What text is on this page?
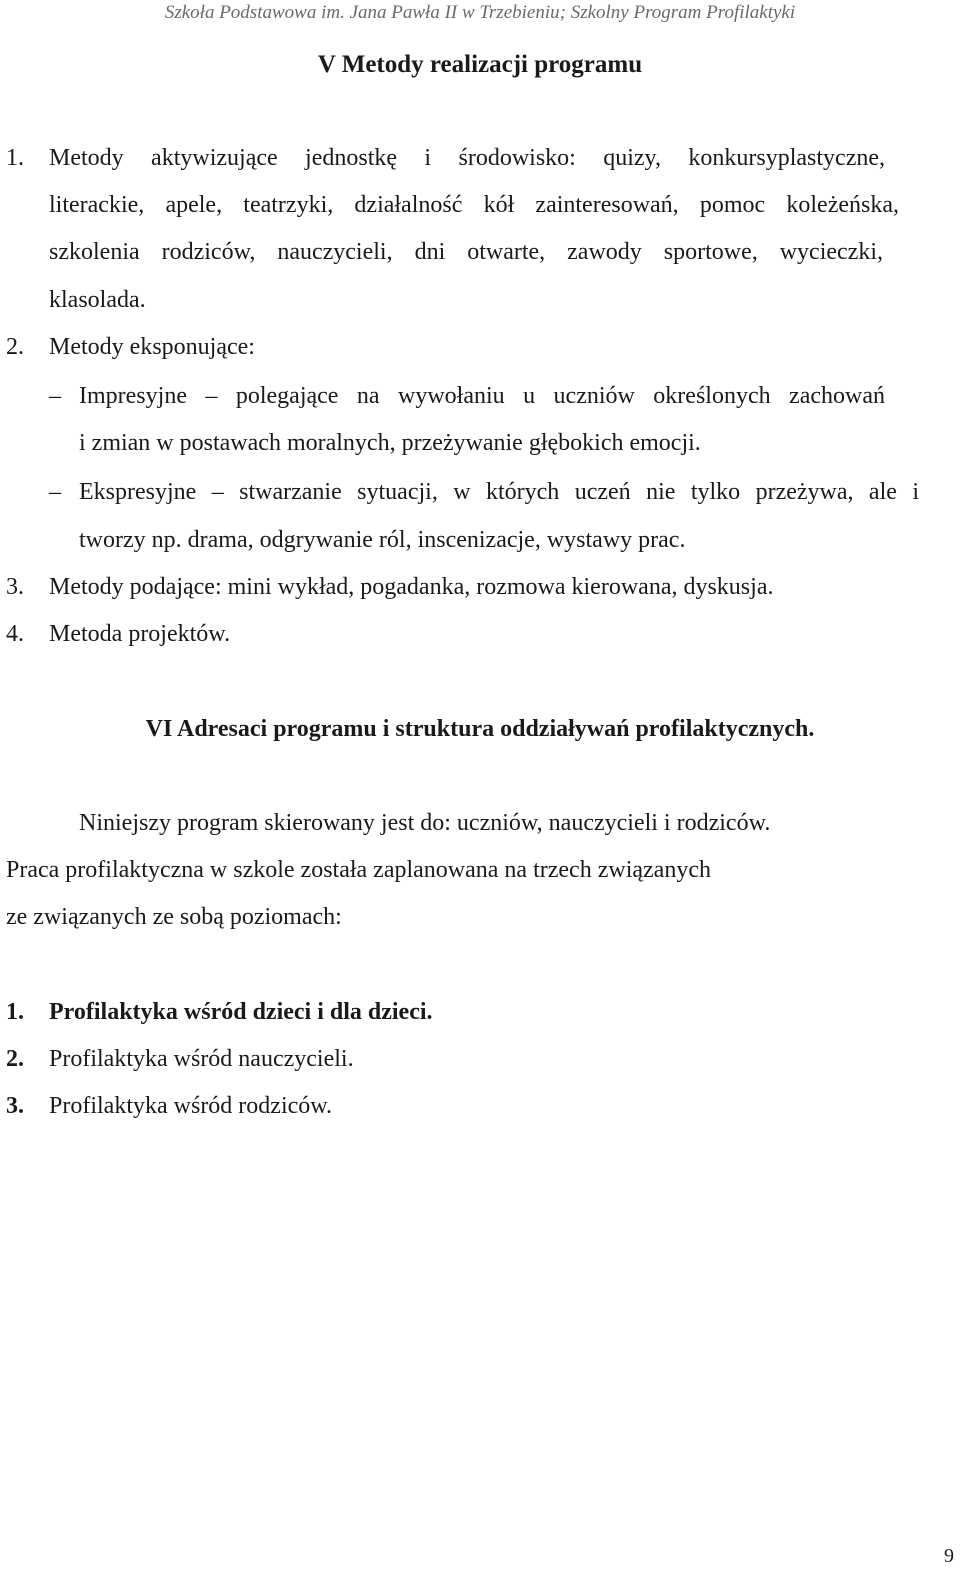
Szkoła Podstawowa im. Jana Pawła II w Trzebieniu; Szkolny Program Profilaktyki
V Metody realizacji programu
1. Metody aktywizujące jednostkę i środowisko: quizy, konkursyplastyczne,
literackie, apele, teatrzyki, działalność kół zainteresowań, pomoc koleżeńska,
szkolenia rodziców, nauczycieli, dni otwarte, zawody sportowe, wycieczki,
klasolada.
2. Metody eksponujące:
– Impresyjne – polegające na wywołaniu u uczniów określonych zachowań
i zmian w postawach moralnych, przeżywanie głębokich emocji.
– Ekspresyjne – stwarzanie sytuacji, w których uczeń nie tylko przeżywa, ale i
tworzy np. drama, odgrywanie ról, inscenizacje, wystawy prac.
3. Metody podające: mini wykład, pogadanka, rozmowa kierowana, dyskusja.
4. Metoda projektów.
VI Adresaci programu i struktura oddziaływań profilaktycznych.
Niniejszy program skierowany jest do: uczniów, nauczycieli i rodziców.
Praca profilaktyczna w szkole została zaplanowana na trzech związanych
ze związanych ze sobą poziomach:
1. Profilaktyka wśród dzieci i dla dzieci.
2. Profilaktyka wśród nauczycieli.
3. Profilaktyka wśród rodziców.
9
